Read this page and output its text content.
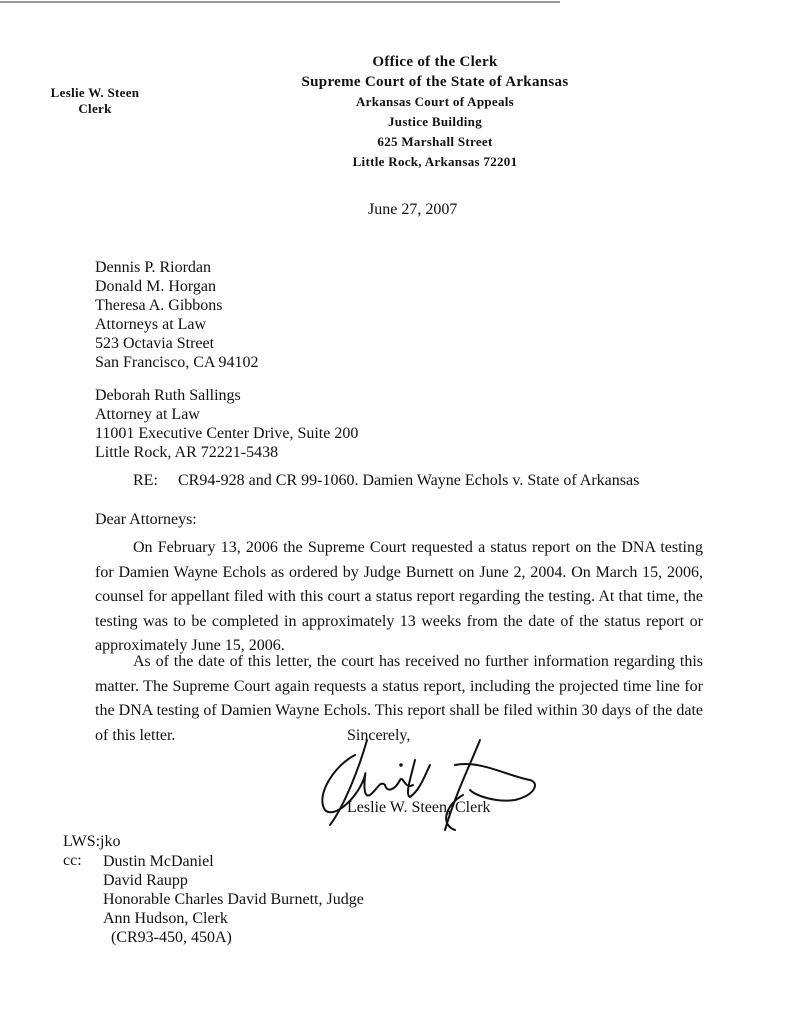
Leslie W. Steen
Clerk
Office of the Clerk
Supreme Court of the State of Arkansas
Arkansas Court of Appeals
Justice Building
625 Marshall Street
Little Rock, Arkansas 72201
June 27, 2007
Dennis P. Riordan
Donald M. Horgan
Theresa A. Gibbons
Attorneys at Law
523 Octavia Street
San Francisco, CA 94102
Deborah Ruth Sallings
Attorney at Law
11001 Executive Center Drive, Suite 200
Little Rock, AR 72221-5438
RE: CR94-928 and CR 99-1060. Damien Wayne Echols v. State of Arkansas
Dear Attorneys:
On February 13, 2006 the Supreme Court requested a status report on the DNA testing for Damien Wayne Echols as ordered by Judge Burnett on June 2, 2004. On March 15, 2006, counsel for appellant filed with this court a status report regarding the testing. At that time, the testing was to be completed in approximately 13 weeks from the date of the status report or approximately June 15, 2006.
As of the date of this letter, the court has received no further information regarding this matter. The Supreme Court again requests a status report, including the projected time line for the DNA testing of Damien Wayne Echols. This report shall be filed within 30 days of the date of this letter.	Sincerely,
Leslie W. Steen, Clerk
LWS:jko
cc: Dustin McDaniel
David Raupp
Honorable Charles David Burnett, Judge
Ann Hudson, Clerk
(CR93-450, 450A)
